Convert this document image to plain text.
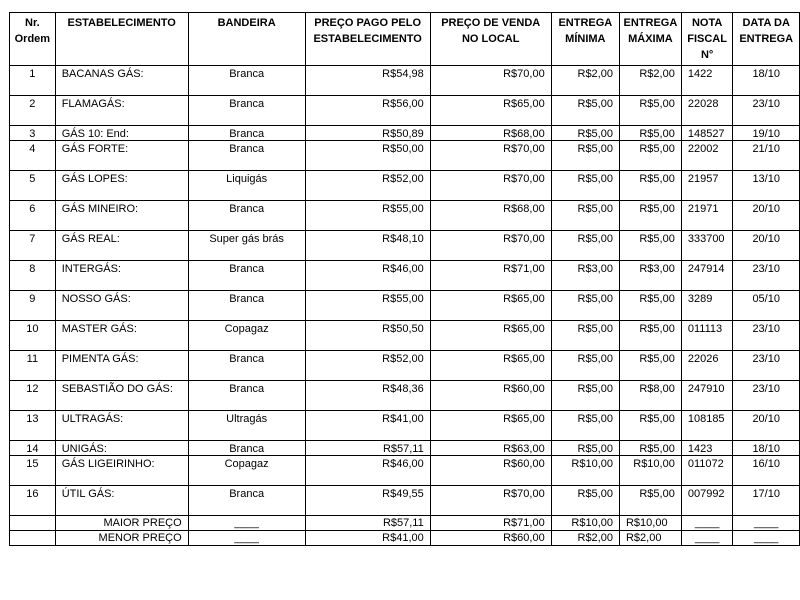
Nr. Ordem	ESTABELECIMENTO	BANDEIRA	PREÇO PAGO PELO ESTABELECIMENTO	PREÇO DE VENDA NO LOCAL	ENTREGA MÍNIMA	ENTREGA MÁXIMA	NOTA FISCAL N°	DATA DA ENTREGA
1	BACANAS GÁS:	Branca	R$54,98	R$70,00	R$2,00	R$2,00	1422	18/10
2	FLAMAGÁS:	Branca	R$56,00	R$65,00	R$5,00	R$5,00	22028	23/10
3	GÁS 10: End:	Branca	R$50,89	R$68,00	R$5,00	R$5,00	148527	19/10
4	GÁS FORTE:	Branca	R$50,00	R$70,00	R$5,00	R$5,00	22002	21/10
5	GÁS LOPES:	Liquigás	R$52,00	R$70,00	R$5,00	R$5,00	21957	13/10
6	GÁS MINEIRO:	Branca	R$55,00	R$68,00	R$5,00	R$5,00	21971	20/10
7	GÁS REAL:	Super gás brás	R$48,10	R$70,00	R$5,00	R$5,00	333700	20/10
8	INTERGÁS:	Branca	R$46,00	R$71,00	R$3,00	R$3,00	247914	23/10
9	NOSSO GÁS:	Branca	R$55,00	R$65,00	R$5,00	R$5,00	3289	05/10
10	MASTER GÁS:	Copagaz	R$50,50	R$65,00	R$5,00	R$5,00	011113	23/10
11	PIMENTA GÁS:	Branca	R$52,00	R$65,00	R$5,00	R$5,00	22026	23/10
12	SEBASTIÃO DO GÁS:	Branca	R$48,36	R$60,00	R$5,00	R$8,00	247910	23/10
13	ULTRAGÁS:	Ultragás	R$41,00	R$65,00	R$5,00	R$5,00	108185	20/10
14	UNIGÁS:	Branca	R$57,11	R$63,00	R$5,00	R$5,00	1423	18/10
15	GÁS LIGEIRINHO:	Copagaz	R$46,00	R$60,00	R$10,00	R$10,00	011072	16/10
16	ÚTIL GÁS:	Branca	R$49,55	R$70,00	R$5,00	R$5,00	007992	17/10
	MAIOR PREÇO	____	R$57,11	R$71,00	R$10,00	R$10,00	____	____
	MENOR PREÇO	____	R$41,00	R$60,00	R$2,00	R$2,00	____	____
